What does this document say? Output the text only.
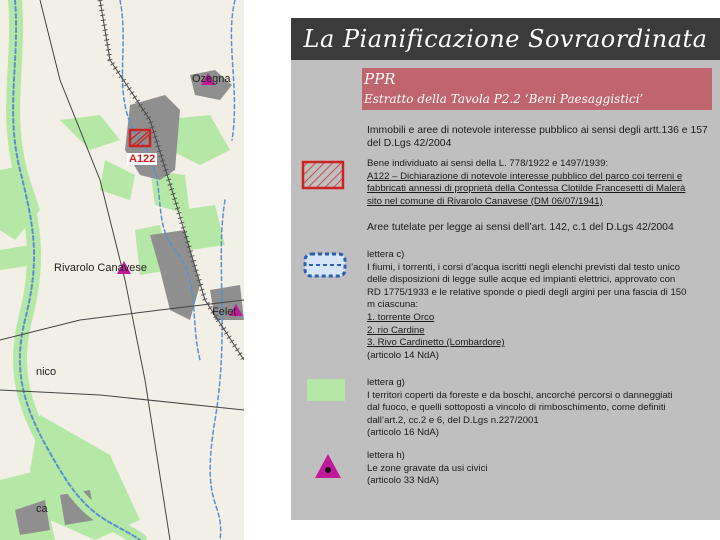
Ozegna
A122
Rivarolo Canavese
Feleṭ
nico
ca
La Pianificazione Sovraordinata
PPR
Estratto della Tavola P2.2 ‘Beni Paesaggistici’
Immobili e aree di notevole interesse pubblico ai sensi degli artt.136 e 157 del D.Lgs 42/2004
Bene individuato ai sensi della L. 778/1922 e 1497/1939:
A122 – Dichiarazione di notevole interesse pubblico del parco coi terreni e
fabbricati annessi di proprietà della Contessa Clotilde Francesetti di Malerà
sito nel comune di Rivarolo Canavese (DM 06/07/1941)
Aree tutelate per legge ai sensi dell’art. 142, c.1 del D.Lgs 42/2004
lettera c)
I fiumi, i torrenti, i corsi d’acqua iscritti negli elenchi previsti dal testo unico
delle disposizioni di legge sulle acque ed impianti elettrici, approvato con
RD 1775/1933 e le relative sponde o piedi degli argini per una fascia di 150
m ciascuna:
1. torrente Orco
2. rio Cardine
3. Rivo Cardinetto (Lombardore)
(articolo 14 NdA)
lettera g)
I territori coperti da foreste e da boschi, ancorché percorsi o danneggiati
dal fuoco, e quelli sottoposti a vincolo di rimboschimento, come definiti
dall’art.2, cc.2 e 6, del D.Lgs n.227/2001
(articolo 16 NdA)
lettera h)
Le zone gravate da usi civici
(articolo 33 NdA)
